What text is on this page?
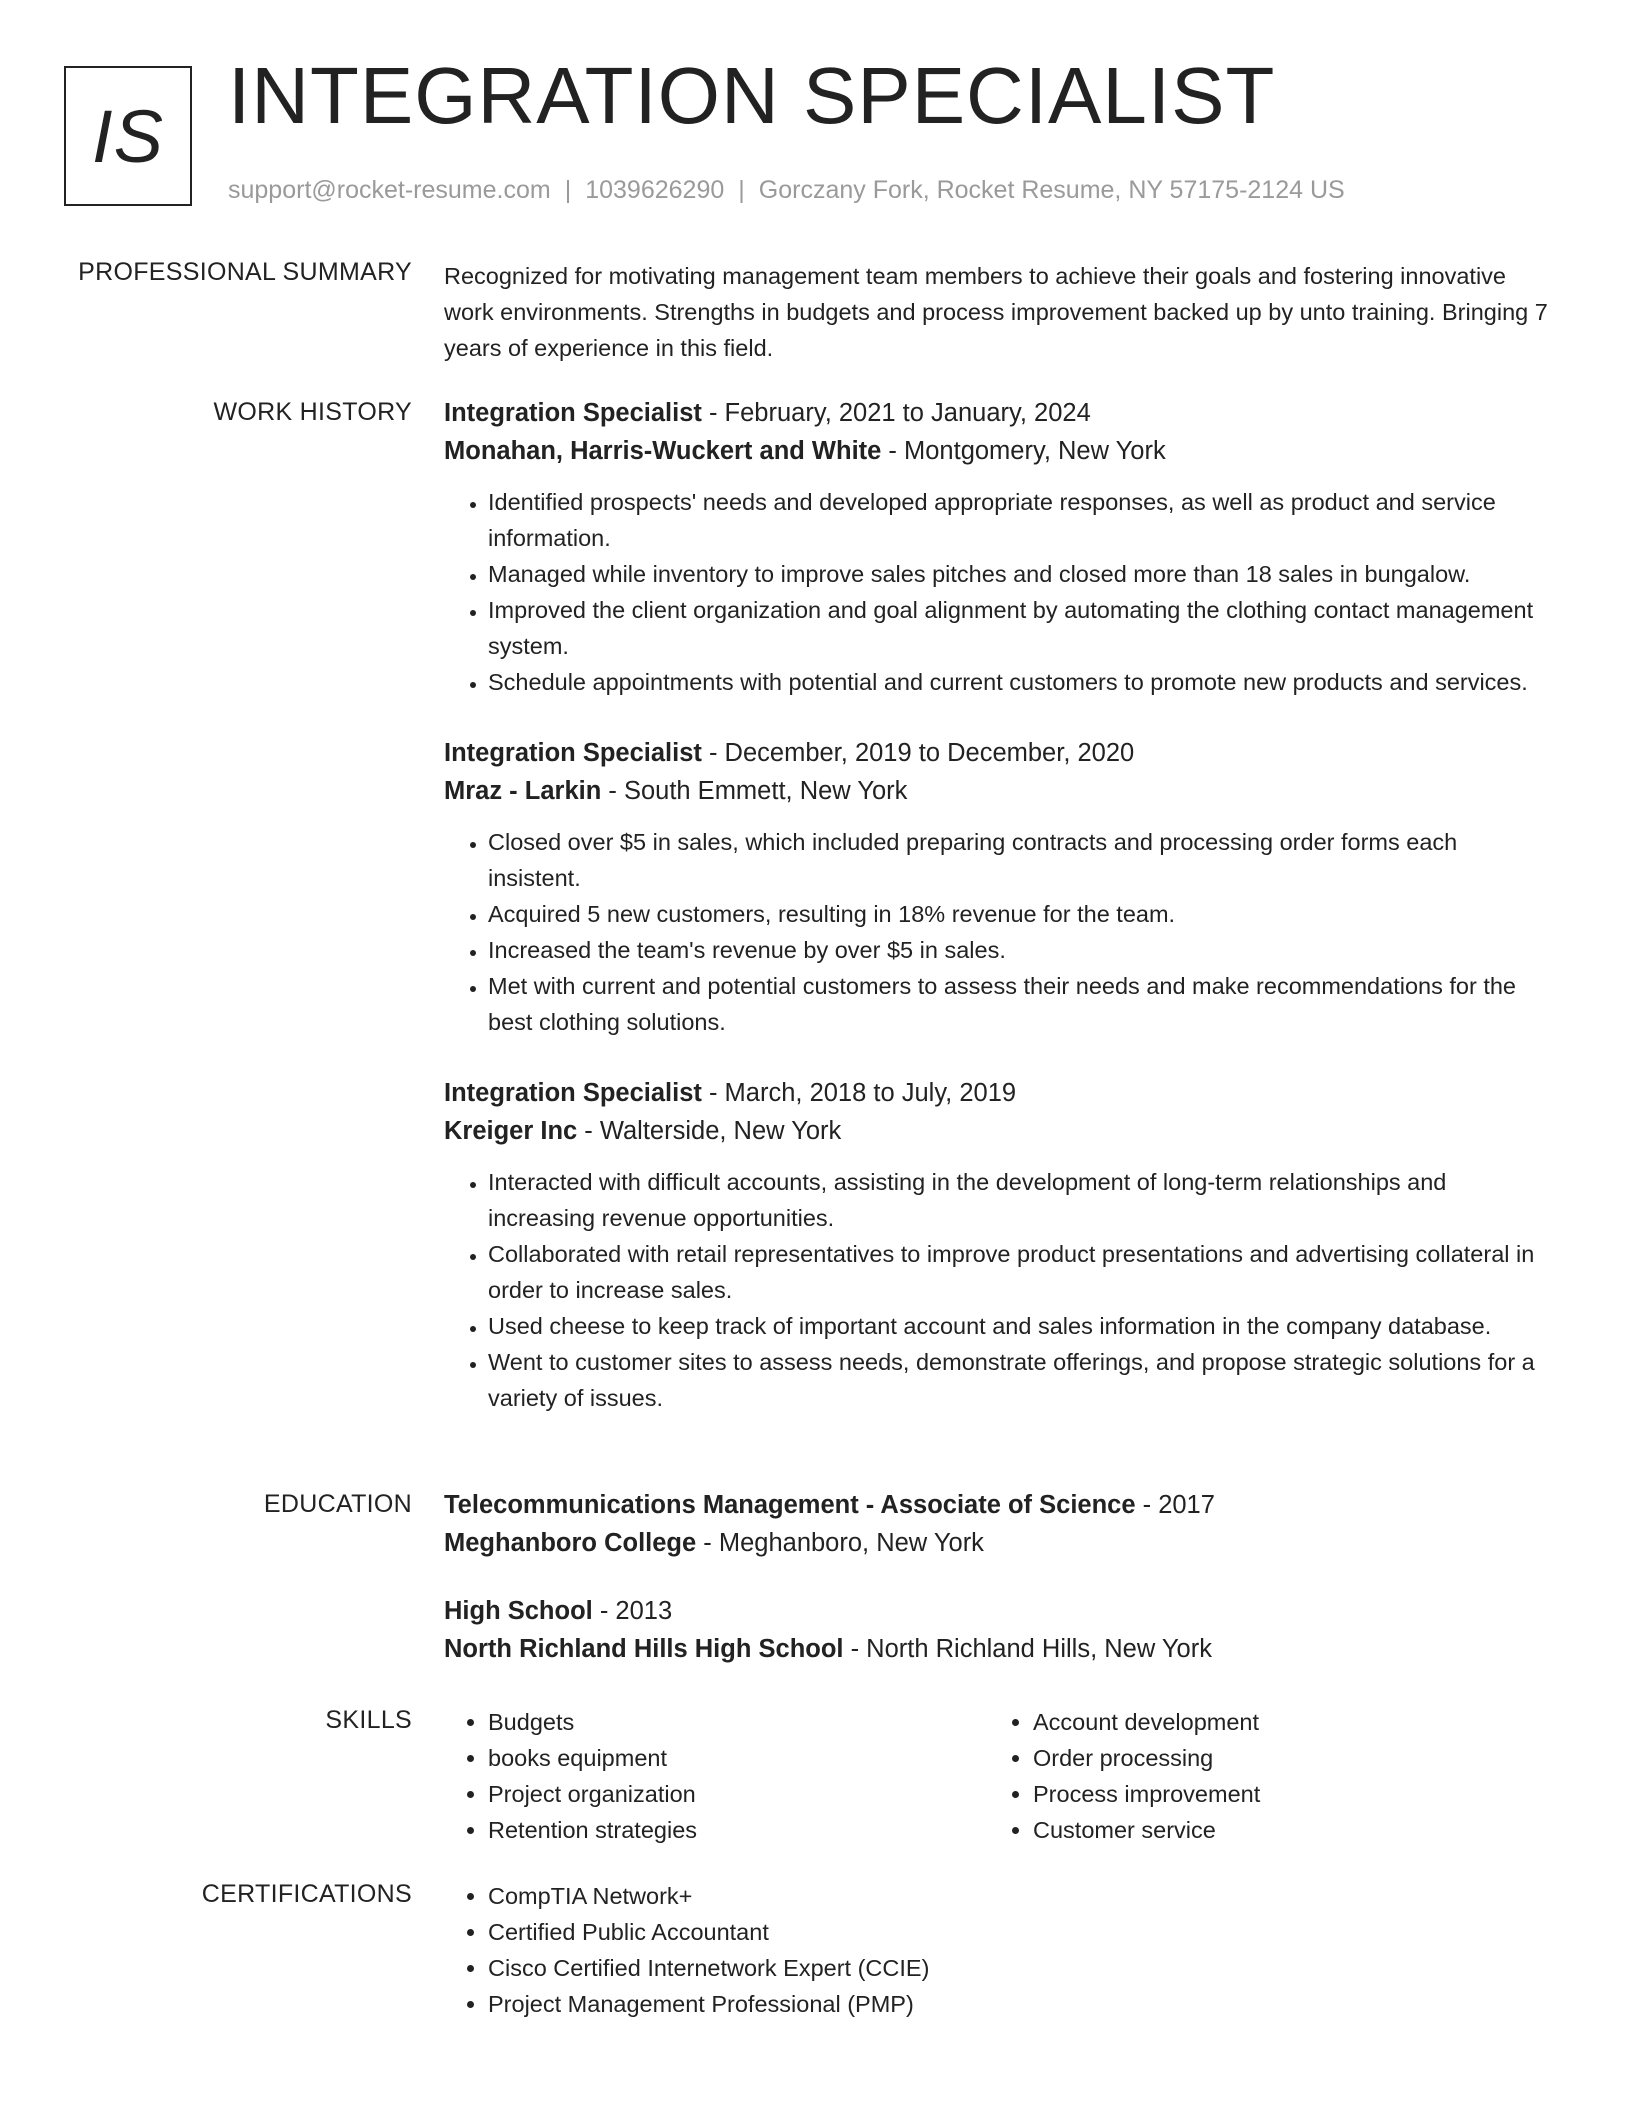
IS INTEGRATION SPECIALIST
support@rocket-resume.com | 1039626290 | Gorczany Fork, Rocket Resume, NY 57175-2124 US
PROFESSIONAL SUMMARY Recognized for motivating management team members to achieve their goals and fostering innovative work environments. Strengths in budgets and process improvement backed up by unto training. Bringing 7 years of experience in this field.

WORK HISTORY Integration Specialist - February, 2021 to January, 2024
Monahan, Harris-Wuckert and White - Montgomery, New York
• Identified prospects' needs and developed appropriate responses, as well as product and service information.
• Managed while inventory to improve sales pitches and closed more than 18 sales in bungalow.
• Improved the client organization and goal alignment by automating the clothing contact management system.
• Schedule appointments with potential and current customers to promote new products and services.
Integration Specialist - December, 2019 to December, 2020
Mraz - Larkin - South Emmett, New York
• Closed over $5 in sales, which included preparing contracts and processing order forms each insistent.
• Acquired 5 new customers, resulting in 18% revenue for the team.
• Increased the team's revenue by over $5 in sales.
• Met with current and potential customers to assess their needs and make recommendations for the best clothing solutions.
Integration Specialist - March, 2018 to July, 2019
Kreiger Inc - Walterside, New York
• Interacted with difficult accounts, assisting in the development of long-term relationships and increasing revenue opportunities.
• Collaborated with retail representatives to improve product presentations and advertising collateral in order to increase sales.
• Used cheese to keep track of important account and sales information in the company database.
• Went to customer sites to assess needs, demonstrate offerings, and propose strategic solutions for a variety of issues.
EDUCATION Telecommunications Management - Associate of Science - 2017
Meghanboro College - Meghanboro, New York
High School - 2013
North Richland Hills High School - North Richland Hills, New York
SKILLS	• Budgets
• books equipment
• Project organization
• Retention strategies
• Account development
• Order processing
• Process improvement
• Customer service
CERTIFICATIONS	• CompTIA Network+
• Certified Public Accountant
• Cisco Certified Internetwork Expert (CCIE)
• Project Management Professional (PMP)
